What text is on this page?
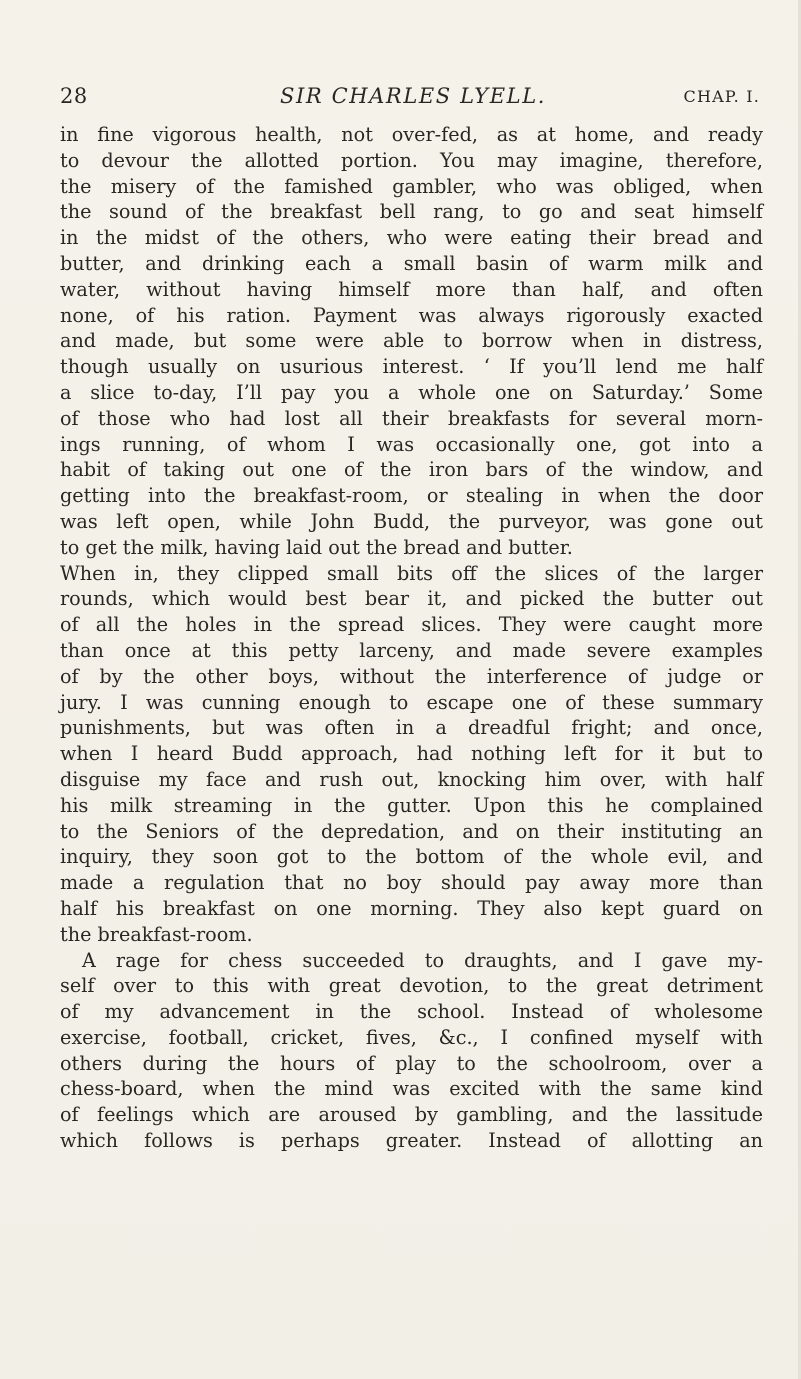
28	SIR CHARLES LYELL.	CHAP. I.
in fine vigorous health, not over-fed, as at home, and ready
to devour the allotted portion. You may imagine, therefore,
the misery of the famished gambler, who was obliged, when
the sound of the breakfast bell rang, to go and seat himself
in the midst of the others, who were eating their bread and
butter, and drinking each a small basin of warm milk and
water, without having himself more than half, and often
none, of his ration. Payment was always rigorously exacted
and made, but some were able to borrow when in distress,
though usually on usurious interest. ‘ If you’ll lend me half
a slice to-day, I’ll pay you a whole one on Saturday.’ Some
of those who had lost all their breakfasts for several morn-
ings running, of whom I was occasionally one, got into a
habit of taking out one of the iron bars of the window, and
getting into the breakfast-room, or stealing in when the door
was left open, while John Budd, the purveyor, was gone out
to get the milk, having laid out the bread and butter.
When in, they clipped small bits off the slices of the larger
rounds, which would best bear it, and picked the butter out
of all the holes in the spread slices. They were caught more
than once at this petty larceny, and made severe examples
of by the other boys, without the interference of judge or
jury. I was cunning enough to escape one of these summary
punishments, but was often in a dreadful fright; and once,
when I heard Budd approach, had nothing left for it but to
disguise my face and rush out, knocking him over, with half
his milk streaming in the gutter. Upon this he complained
to the Seniors of the depredation, and on their instituting an
inquiry, they soon got to the bottom of the whole evil, and
made a regulation that no boy should pay away more than
half his breakfast on one morning. They also kept guard on
the breakfast-room.
A rage for chess succeeded to draughts, and I gave my-
self over to this with great devotion, to the great detriment
of my advancement in the school. Instead of wholesome
exercise, football, cricket, fives, &c., I confined myself with
others during the hours of play to the schoolroom, over a
chess-board, when the mind was excited with the same kind
of feelings which are aroused by gambling, and the lassitude
which follows is perhaps greater. Instead of allotting an
